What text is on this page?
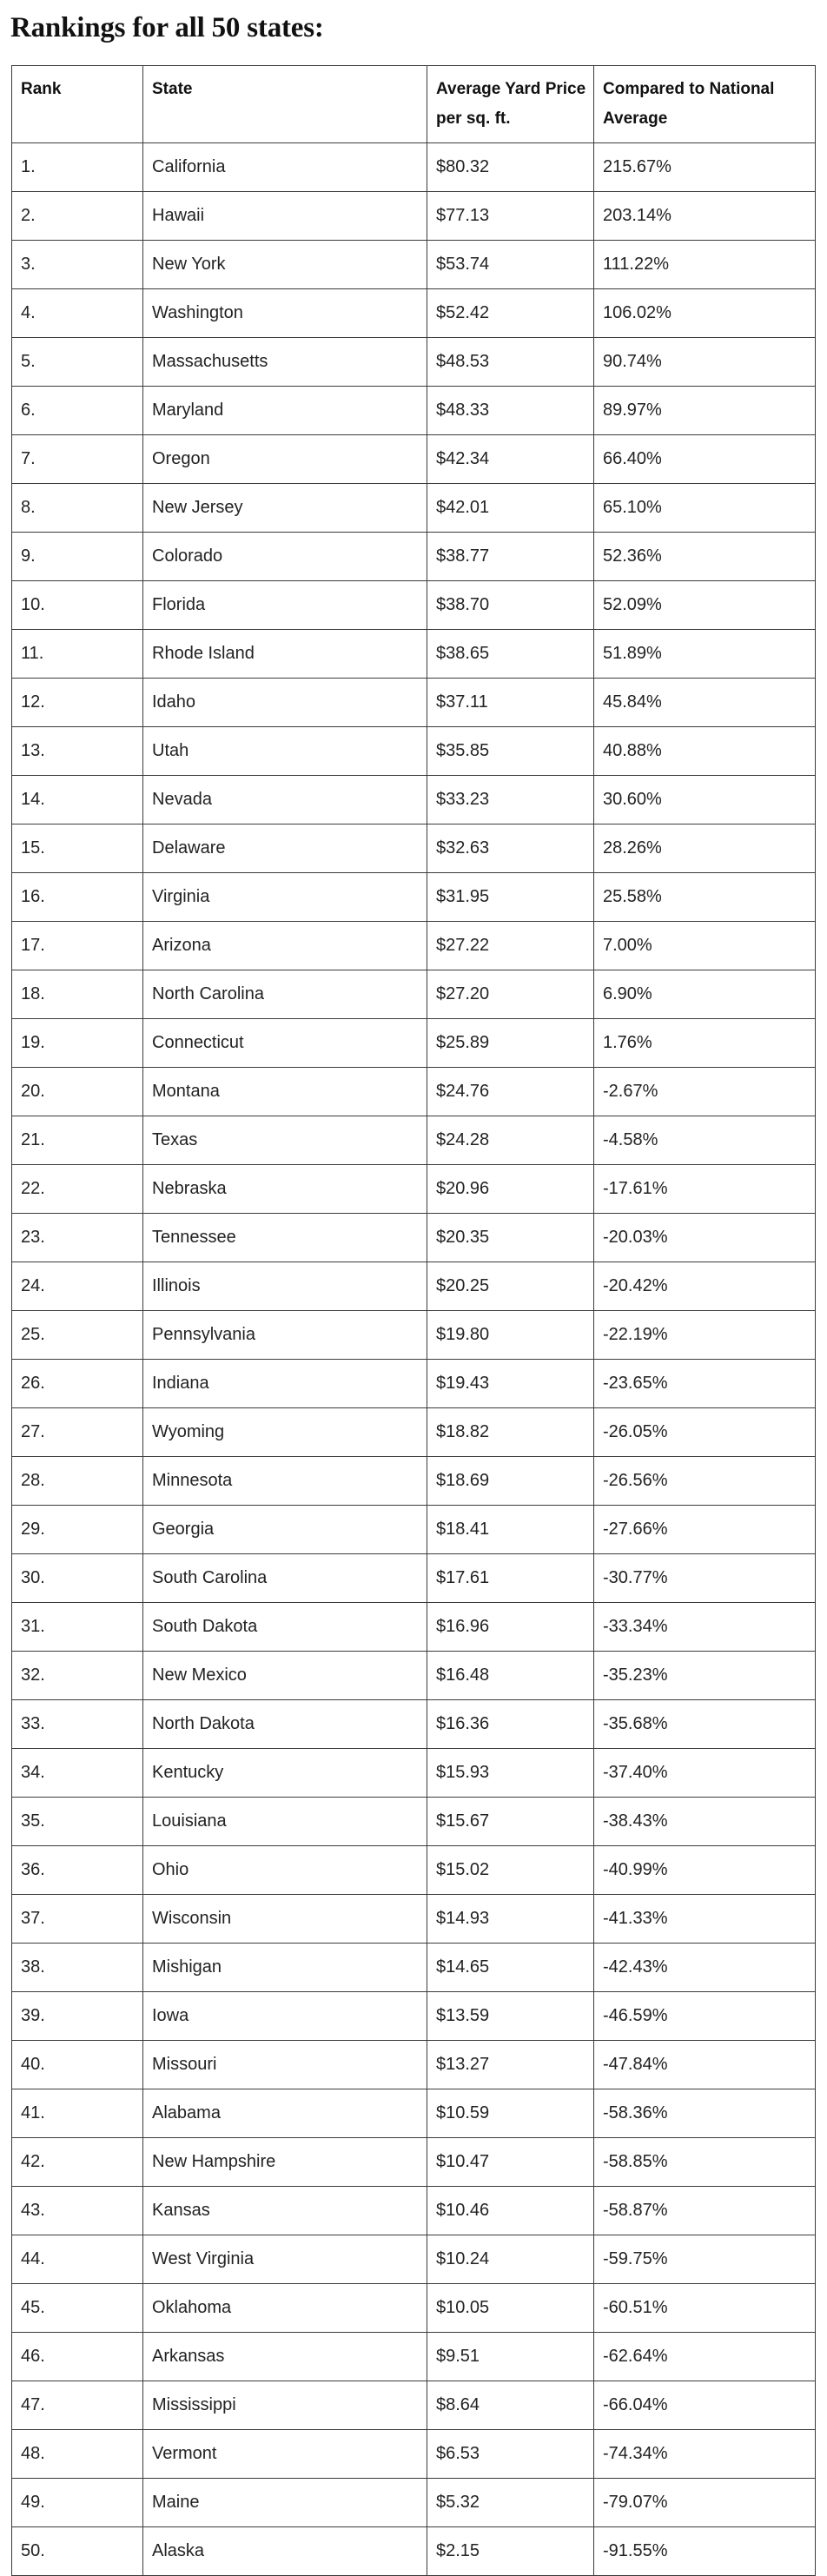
Rankings for all 50 states:
Rank	State	Average Yard Price per sq. ft.	Compared to National Average
1.	California	$80.32	215.67%
2.	Hawaii	$77.13	203.14%
3.	New York	$53.74	111.22%
4.	Washington	$52.42	106.02%
5.	Massachusetts	$48.53	90.74%
6.	Maryland	$48.33	89.97%
7.	Oregon	$42.34	66.40%
8.	New Jersey	$42.01	65.10%
9.	Colorado	$38.77	52.36%
10.	Florida	$38.70	52.09%
11.	Rhode Island	$38.65	51.89%
12.	Idaho	$37.11	45.84%
13.	Utah	$35.85	40.88%
14.	Nevada	$33.23	30.60%
15.	Delaware	$32.63	28.26%
16.	Virginia	$31.95	25.58%
17.	Arizona	$27.22	7.00%
18.	North Carolina	$27.20	6.90%
19.	Connecticut	$25.89	1.76%
20.	Montana	$24.76	-2.67%
21.	Texas	$24.28	-4.58%
22.	Nebraska	$20.96	-17.61%
23.	Tennessee	$20.35	-20.03%
24.	Illinois	$20.25	-20.42%
25.	Pennsylvania	$19.80	-22.19%
26.	Indiana	$19.43	-23.65%
27.	Wyoming	$18.82	-26.05%
28.	Minnesota	$18.69	-26.56%
29.	Georgia	$18.41	-27.66%
30.	South Carolina	$17.61	-30.77%
31.	South Dakota	$16.96	-33.34%
32.	New Mexico	$16.48	-35.23%
33.	North Dakota	$16.36	-35.68%
34.	Kentucky	$15.93	-37.40%
35.	Louisiana	$15.67	-38.43%
36.	Ohio	$15.02	-40.99%
37.	Wisconsin	$14.93	-41.33%
38.	Mishigan	$14.65	-42.43%
39.	Iowa	$13.59	-46.59%
40.	Missouri	$13.27	-47.84%
41.	Alabama	$10.59	-58.36%
42.	New Hampshire	$10.47	-58.85%
43.	Kansas	$10.46	-58.87%
44.	West Virginia	$10.24	-59.75%
45.	Oklahoma	$10.05	-60.51%
46.	Arkansas	$9.51	-62.64%
47.	Mississippi	$8.64	-66.04%
48.	Vermont	$6.53	-74.34%
49.	Maine	$5.32	-79.07%
50.	Alaska	$2.15	-91.55%
